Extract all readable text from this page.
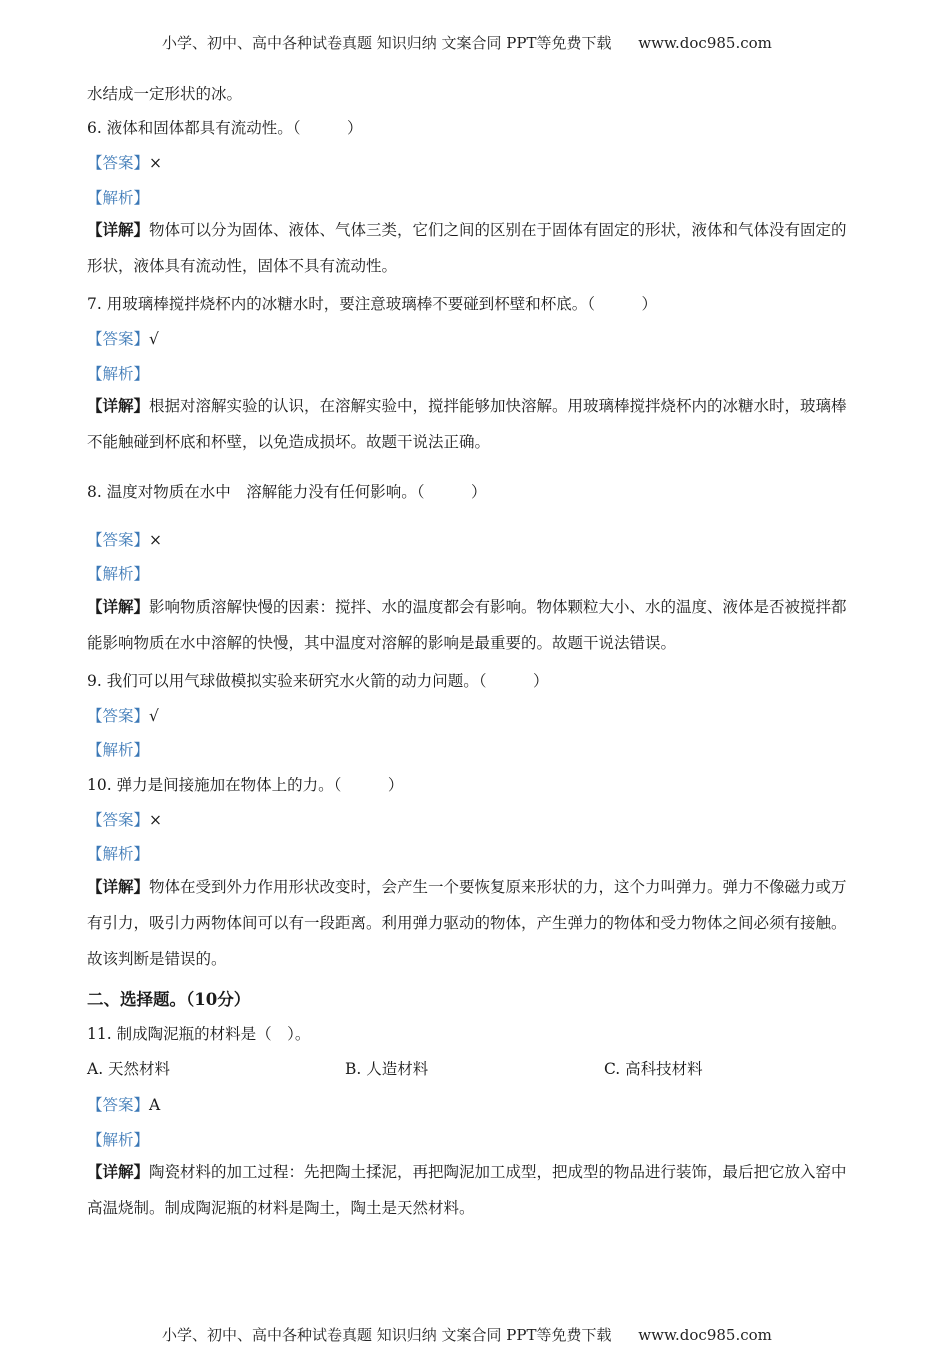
小学、初中、高中各种试卷真题 知识归纳 文案合同 PPT等免费下载 www.doc985.com
水结成一定形状的冰。
6. 液体和固体都具有流动性。（　　　）
【答案】×
【解析】
【详解】物体可以分为固体、液体、气体三类，它们之间的区别在于固体有固定的形状，液体和气体没有固定的形状，液体具有流动性，固体不具有流动性。
7. 用玻璃棒搅拌烧杯内的冰糖水时，要注意玻璃棒不要碰到杯壁和杯底。（　　　）
【答案】√
【解析】
【详解】根据对溶解实验的认识，在溶解实验中，搅拌能够加快溶解。用玻璃棒搅拌烧杯内的冰糖水时，玻璃棒不能触碰到杯底和杯壁，以免造成损坏。故题干说法正确。
8. 温度对物质在水中　溶解能力没有任何影响。（　　　）
【答案】×
【解析】
【详解】影响物质溶解快慢的因素：搅拌、水的温度都会有影响。物体颗粒大小、水的温度、液体是否被搅拌都能影响物质在水中溶解的快慢，其中温度对溶解的影响是最重要的。故题干说法错误。
9. 我们可以用气球做模拟实验来研究水火箭的动力问题。（　　　）
【答案】√
【解析】
10. 弹力是间接施加在物体上的力。（　　　）
【答案】×
【解析】
【详解】物体在受到外力作用形状改变时，会产生一个要恢复原来形状的力，这个力叫弹力。弹力不像磁力或万有引力，吸引力两物体间可以有一段距离。利用弹力驱动的物体，产生弹力的物体和受力物体之间必须有接触。故该判断是错误的。
二、选择题。（10分）
11. 制成陶泥瓶的材料是（　）。
A. 天然材料	B. 人造材料	C. 高科技材料
【答案】A
【解析】
【详解】陶瓷材料的加工过程：先把陶土揉泥，再把陶泥加工成型，把成型的物品进行装饰，最后把它放入窑中高温烧制。制成陶泥瓶的材料是陶土，陶土是天然材料。
小学、初中、高中各种试卷真题 知识归纳 文案合同 PPT等免费下载 www.doc985.com
